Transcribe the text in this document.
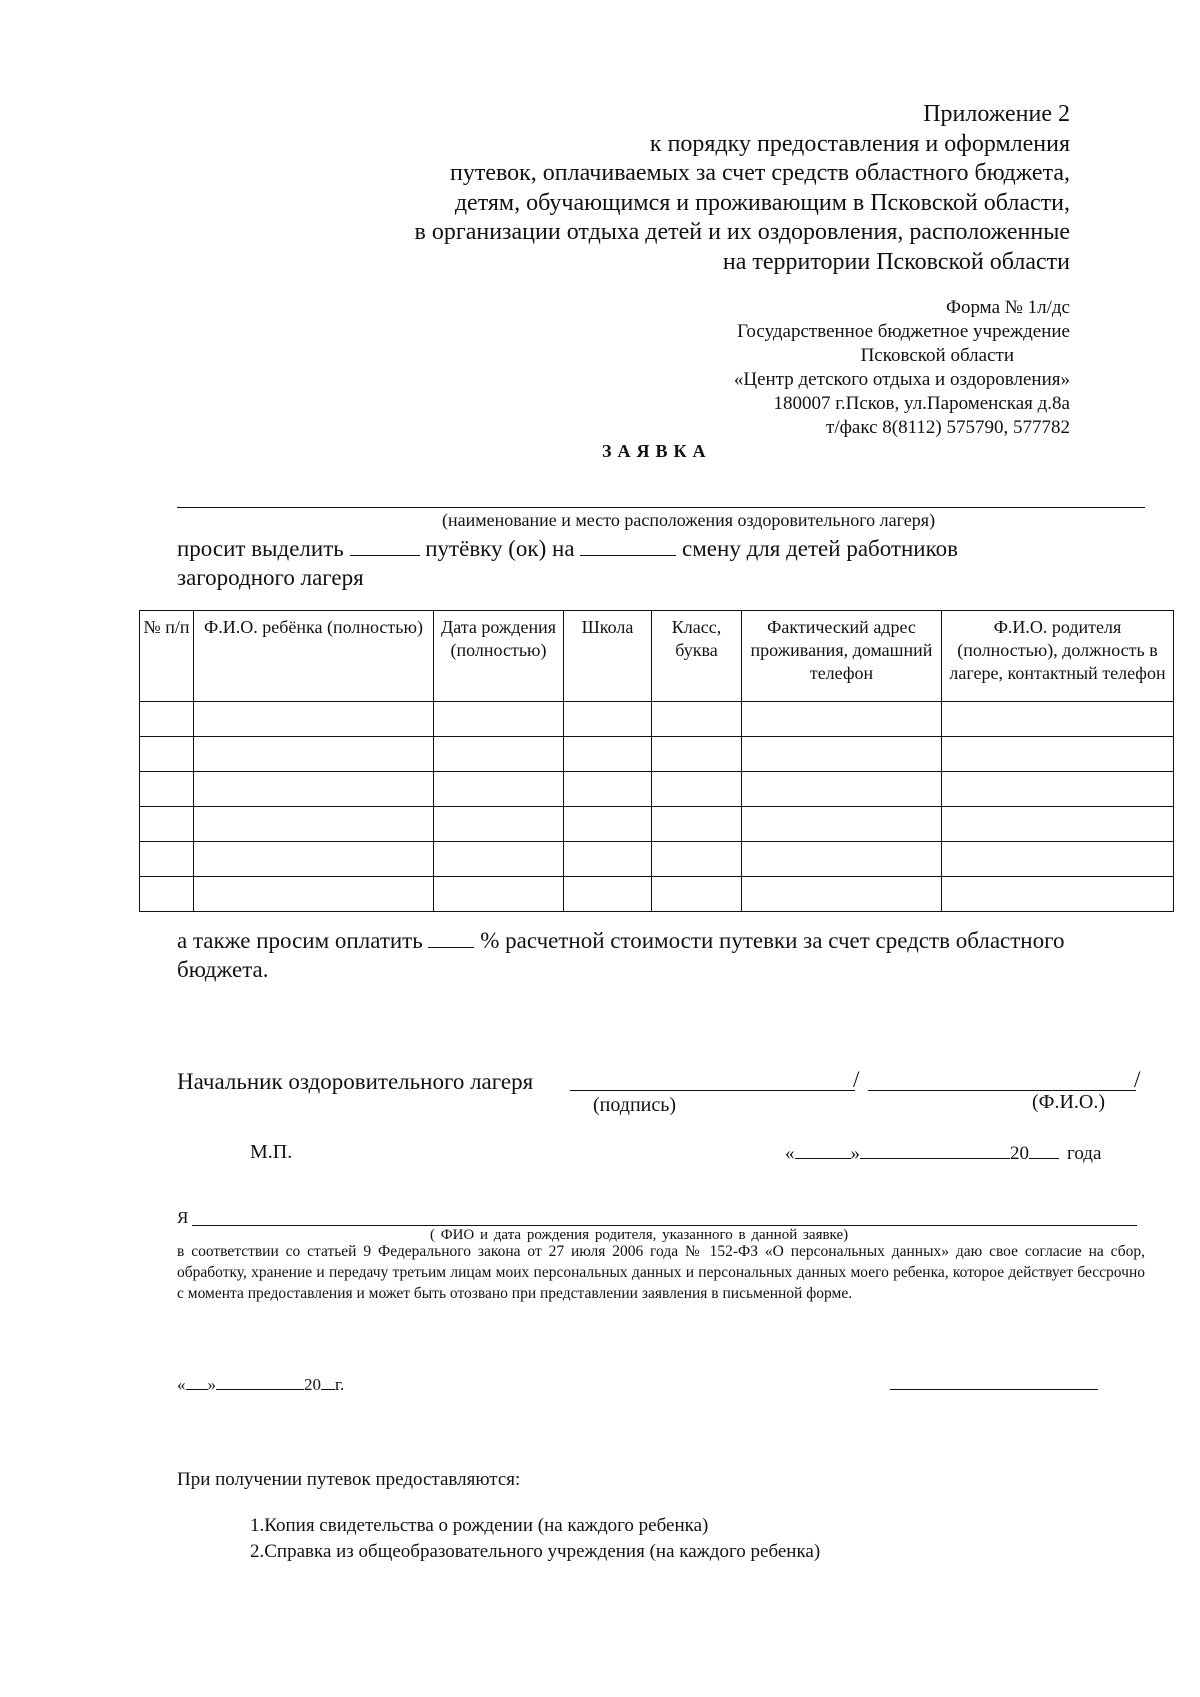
Приложение 2
к порядку предоставления и оформления
путевок, оплачиваемых за счет средств областного бюджета,
детям, обучающимся и проживающим в Псковской области,
в организации отдыха детей и их оздоровления, расположенные
на территории Псковской области
Форма № 1л/дс
Государственное бюджетное учреждение
Псковской области
«Центр детского отдыха и оздоровления»
180007 г.Псков, ул.Пароменская д.8а
т/факс 8(8112) 575790, 577782
ЗАЯВКА
(наименование и место расположения оздоровительного лагеря)
просит выделить	путёвку (ок) на	смену для детей работников
загородного лагеря
№ п/п	Ф.И.О. ребёнка (полностью)	Дата рождения (полностью)	Школа	Класс, буква	Фактический адрес проживания, домашний телефон	Ф.И.О. родителя (полностью), должность в лагере, контактный телефон

а также просим оплатить	% расчетной стоимости путевки за счет средств областного
бюджета.
Начальник оздоровительного лагеря	/	/
(подпись)	(Ф.И.О.)
М.П.	«	»	20 года
Я
( ФИО и дата рождения родителя, указанного в данной заявке)
в соответствии со статьей 9 Федерального закона от 27 июля 2006 года № 152-ФЗ «О персональных данных» даю свое согласие на сбор, обработку, хранение и передачу третьим лицам моих персональных данных и персональных данных моего ребенка, которое действует бессрочно с момента предоставления и может быть отозвано при представлении заявления в письменной форме.
« »	20 г.
При получении путевок предоставляются:
1.Копия свидетельства о рождении (на каждого ребенка)
2.Справка из общеобразовательного учреждения (на каждого ребенка)
